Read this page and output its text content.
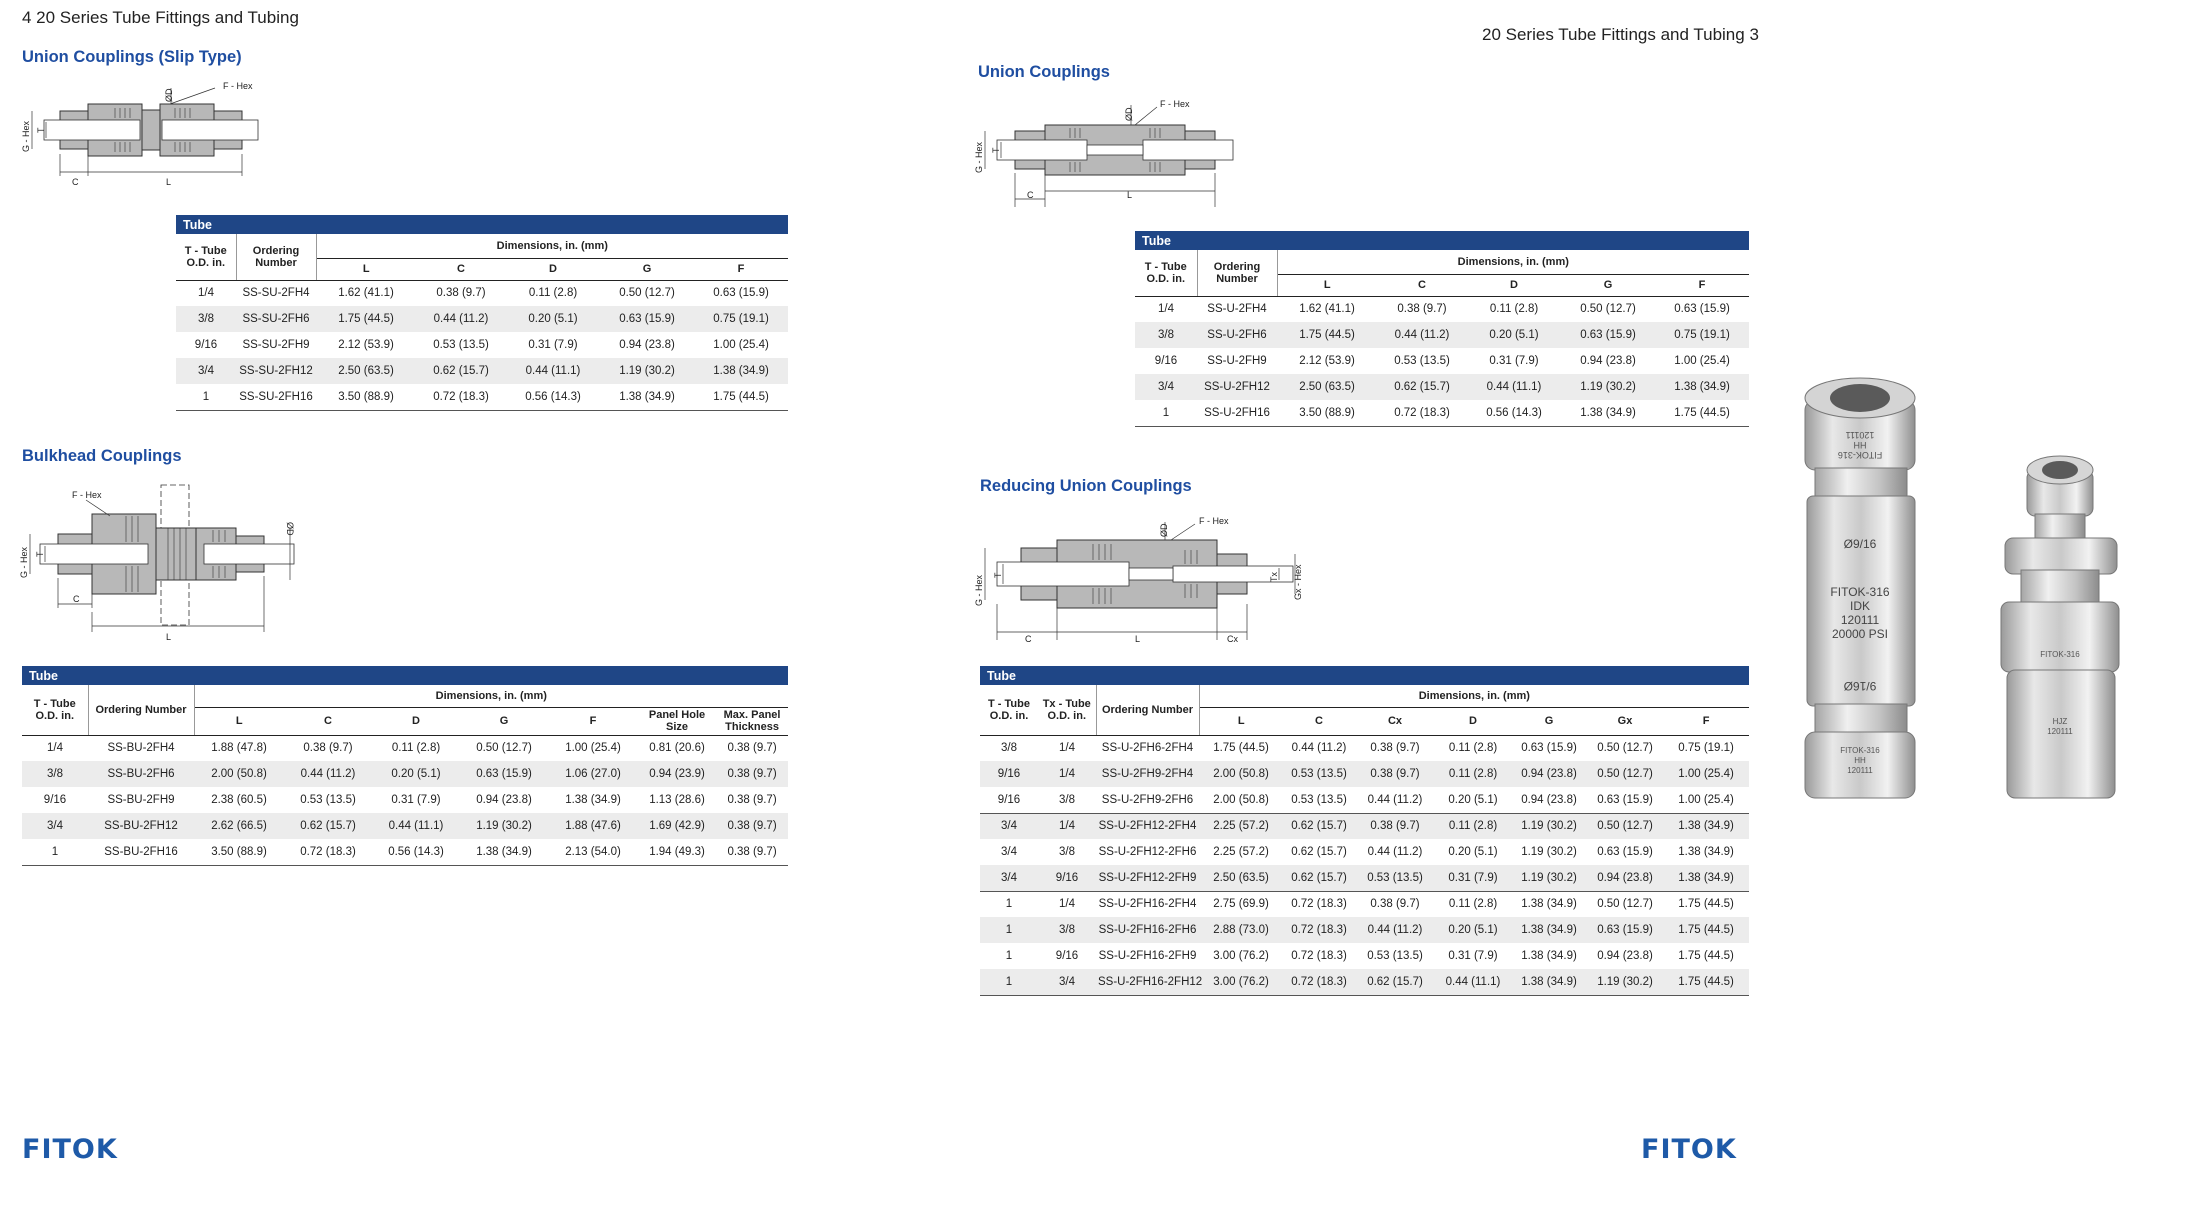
4 20 Series Tube Fittings and Tubing
Union Couplings (Slip Type)
F - Hex
ØD
G - Hex T
C	L
Tube						
T - Tube O.D. in.	Ordering Number	Dimensions, in. (mm)				
		L	C	D	G	F
1/4	SS-SU-2FH4	1.62 (41.1)	0.38 (9.7)	0.11 (2.8)	0.50 (12.7)	0.63 (15.9)
3/8	SS-SU-2FH6	1.75 (44.5)	0.44 (11.2)	0.20 (5.1)	0.63 (15.9)	0.75 (19.1)
9/16	SS-SU-2FH9	2.12 (53.9)	0.53 (13.5)	0.31 (7.9)	0.94 (23.8)	1.00 (25.4)
3/4	SS-SU-2FH12	2.50 (63.5)	0.62 (15.7)	0.44 (11.1)	1.19 (30.2)	1.38 (34.9)
1	SS-SU-2FH16	3.50 (88.9)	0.72 (18.3)	0.56 (14.3)	1.38 (34.9)	1.75 (44.5)
Bulkhead Couplings
F - Hex
ØD
G - Hex T
C
L
Tube								
T - Tube O.D. in.	Ordering Number	Dimensions, in. (mm)						
		L	C	D	G	F	Panel Hole Size	Max. Panel Thickness
1/4	SS-BU-2FH4	1.88 (47.8)	0.38 (9.7)	0.11 (2.8)	0.50 (12.7)	1.00 (25.4)	0.81 (20.6)	0.38 (9.7)
3/8	SS-BU-2FH6	2.00 (50.8)	0.44 (11.2)	0.20 (5.1)	0.63 (15.9)	1.06 (27.0)	0.94 (23.9)	0.38 (9.7)
9/16	SS-BU-2FH9	2.38 (60.5)	0.53 (13.5)	0.31 (7.9)	0.94 (23.8)	1.38 (34.9)	1.13 (28.6)	0.38 (9.7)
3/4	SS-BU-2FH12	2.62 (66.5)	0.62 (15.7)	0.44 (11.1)	1.19 (30.2)	1.88 (47.6)	1.69 (42.9)	0.38 (9.7)
1	SS-BU-2FH16	3.50 (88.9)	0.72 (18.3)	0.56 (14.3)	1.38 (34.9)	2.13 (54.0)	1.94 (49.3)	0.38 (9.7)
FITOK
20 Series Tube Fittings and Tubing 3
Union Couplings
F - Hex
ØD
G - Hex T
C	L
Tube						
T - Tube O.D. in.	Ordering Number	Dimensions, in. (mm)				
		L	C	D	G	F
1/4	SS-U-2FH4	1.62 (41.1)	0.38 (9.7)	0.11 (2.8)	0.50 (12.7)	0.63 (15.9)
3/8	SS-U-2FH6	1.75 (44.5)	0.44 (11.2)	0.20 (5.1)	0.63 (15.9)	0.75 (19.1)
9/16	SS-U-2FH9	2.12 (53.9)	0.53 (13.5)	0.31 (7.9)	0.94 (23.8)	1.00 (25.4)
3/4	SS-U-2FH12	2.50 (63.5)	0.62 (15.7)	0.44 (11.1)	1.19 (30.2)	1.38 (34.9)
1	SS-U-2FH16	3.50 (88.9)	0.72 (18.3)	0.56 (14.3)	1.38 (34.9)	1.75 (44.5)
Reducing Union Couplings
F - Hex
ØD
G - Hex	Gx - Hex
T	Tx
C	L	Cx
Tube									
T - Tube O.D. in.	Tx - Tube O.D. in.	Ordering Number	Dimensions, in. (mm)						
			L	C	Cx	D	G	Gx	F
3/8	1/4	SS-U-2FH6-2FH4	1.75 (44.5)	0.44 (11.2)	0.38 (9.7)	0.11 (2.8)	0.63 (15.9)	0.50 (12.7)	0.75 (19.1)
9/16	1/4	SS-U-2FH9-2FH4	2.00 (50.8)	0.53 (13.5)	0.38 (9.7)	0.11 (2.8)	0.94 (23.8)	0.50 (12.7)	1.00 (25.4)
9/16	3/8	SS-U-2FH9-2FH6	2.00 (50.8)	0.53 (13.5)	0.44 (11.2)	0.20 (5.1)	0.94 (23.8)	0.63 (15.9)	1.00 (25.4)
3/4	1/4	SS-U-2FH12-2FH4	2.25 (57.2)	0.62 (15.7)	0.38 (9.7)	0.11 (2.8)	1.19 (30.2)	0.50 (12.7)	1.38 (34.9)
3/4	3/8	SS-U-2FH12-2FH6	2.25 (57.2)	0.62 (15.7)	0.44 (11.2)	0.20 (5.1)	1.19 (30.2)	0.63 (15.9)	1.38 (34.9)
3/4	9/16	SS-U-2FH12-2FH9	2.50 (63.5)	0.62 (15.7)	0.53 (13.5)	0.31 (7.9)	1.19 (30.2)	0.94 (23.8)	1.38 (34.9)
1	1/4	SS-U-2FH16-2FH4	2.75 (69.9)	0.72 (18.3)	0.38 (9.7)	0.11 (2.8)	1.38 (34.9)	0.50 (12.7)	1.75 (44.5)
1	3/8	SS-U-2FH16-2FH6	2.88 (73.0)	0.72 (18.3)	0.44 (11.2)	0.20 (5.1)	1.38 (34.9)	0.63 (15.9)	1.75 (44.5)
1	9/16	SS-U-2FH16-2FH9	3.00 (76.2)	0.72 (18.3)	0.53 (13.5)	0.31 (7.9)	1.38 (34.9)	0.94 (23.8)	1.75 (44.5)
1	3/4	SS-U-2FH16-2FH12	3.00 (76.2)	0.72 (18.3)	0.62 (15.7)	0.44 (11.1)	1.38 (34.9)	1.19 (30.2)	1.75 (44.5)
FITOK
120111
HH
FITOK-316
Ø9/16
FITOK-316
IDK
120111
20000 PSI
9/16Ø
FITOK-316
HH
120111
FITOK-316
HJZ
120111
